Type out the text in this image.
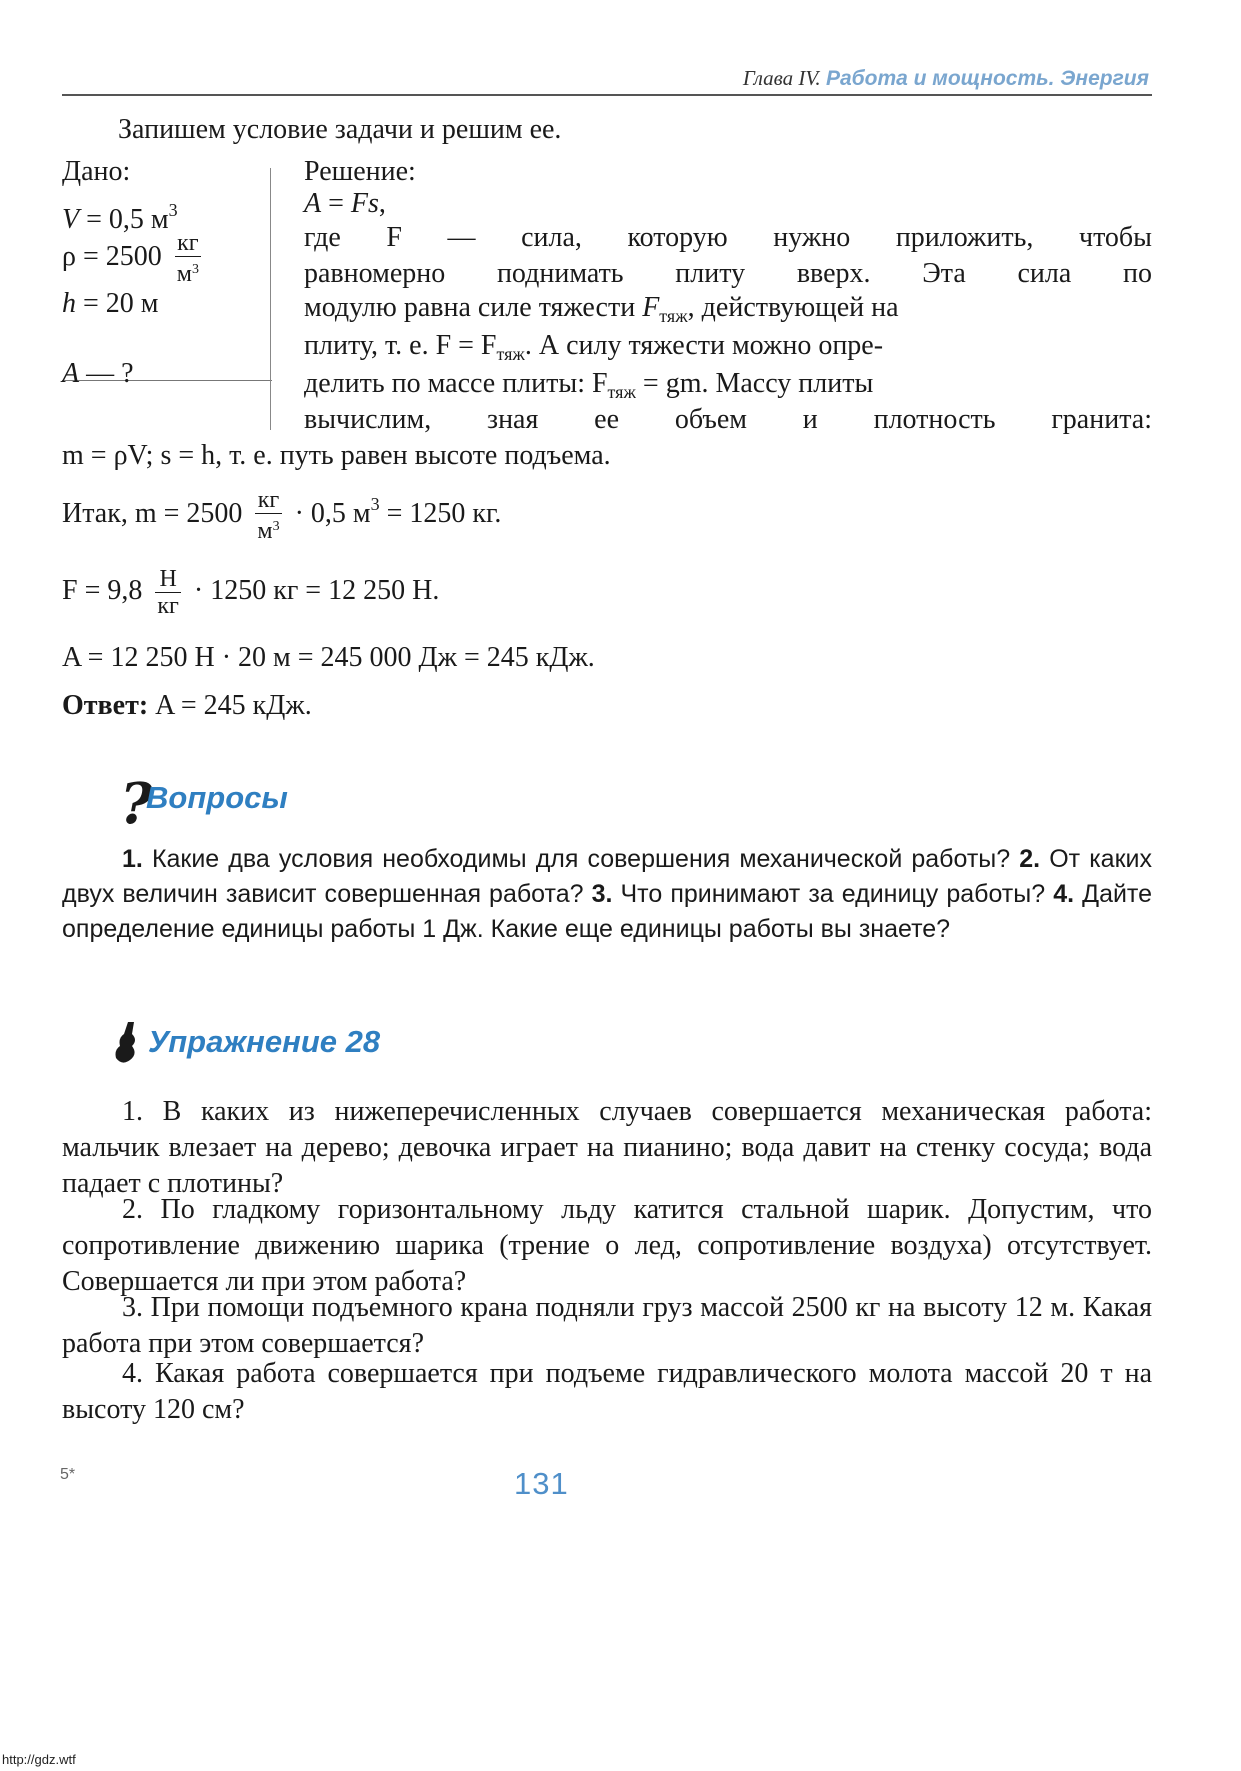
Глава IV. Работа и мощность. Энергия
Запишем условие задачи и решим ее.
Дано:
V = 0,5 $м^3$
$\rho = 2500 \frac{кг}{м^3}$
h = 20 м
A — ?
Решение:
A = Fs,
где F — сила, которую нужно приложить, чтобы
равномерно поднимать плиту вверх. Эта сила по
модулю равна силе тяжести $F_{тяж}$, действующей на
плиту, т. е. $F = F_{тяж}$. А силу тяжести можно опре-
делить по массе плиты: $F_{тяж}$ = gm. Массу плиты
вычислим, зная ее объем и плотность гранита:
m = ρV; s = h, т. е. путь равен высоте подъема.
Итак, $m = 2500 \frac{кг}{м^3} \cdot 0,5$ $м^3 = 1250$ кг.
$F = 9,8 \frac{Н}{кг} \cdot 1250$ кг = 12 250 Н.
A = 12 250 Н · 20 м = 245 000 Дж = 245 кДж.
Ответ: A = 245 кДж.
?
Вопросы
1. Какие два условия необходимы для совершения механической работы? 2. От каких двух величин зависит совершенная работа? 3. Что принимают за единицу работы? 4. Дайте определение единицы работы 1 Дж. Какие еще единицы работы вы знаете?
Упражнение 28
1. В каких из нижеперечисленных случаев совершается механическая работа: мальчик влезает на дерево; девочка играет на пианино; вода давит на стенку сосуда; вода падает с плотины?
2. По гладкому горизонтальному льду катится стальной шарик. Допустим, что сопротивление движению шарика (трение о лед, сопротивление воздуха) отсутствует. Совершается ли при этом работа?
3. При помощи подъемного крана подняли груз массой 2500 кг на высоту 12 м. Какая работа при этом совершается?
4. Какая работа совершается при подъеме гидравлического молота массой 20 т на высоту 120 см?
5*	131
http://gdz.wtf
